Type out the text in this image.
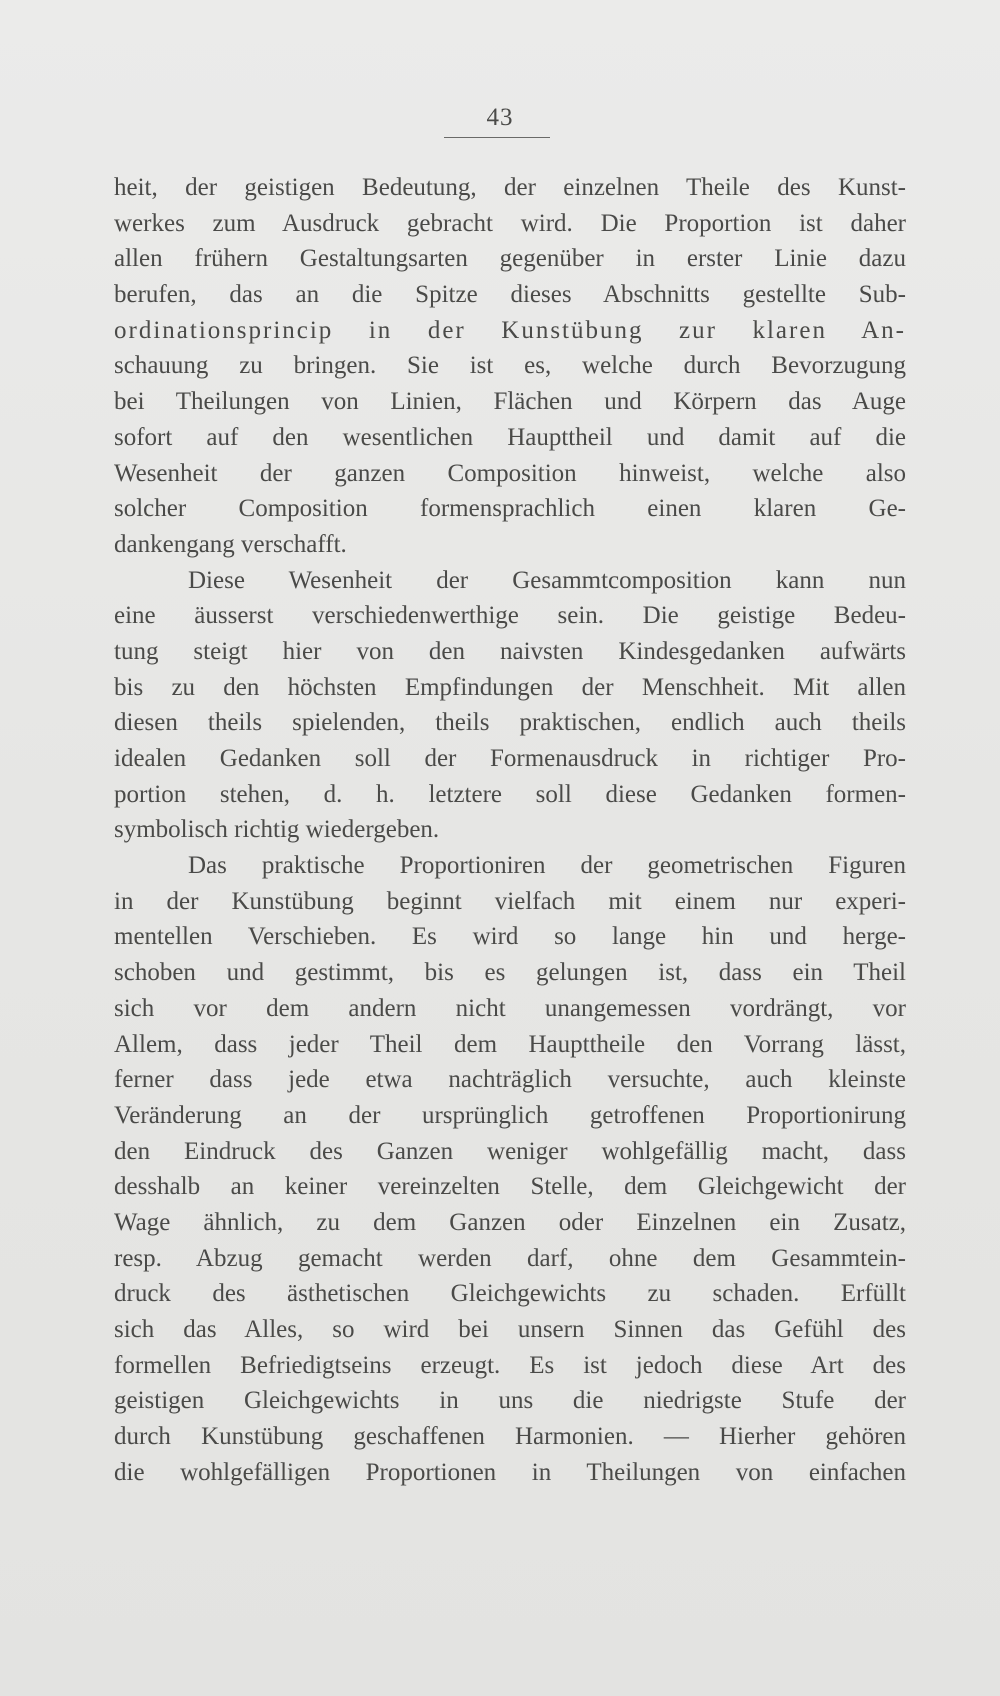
43
heit, der geistigen Bedeutung, der einzelnen Theile des Kunst-
werkes zum Ausdruck gebracht wird. Die Proportion ist daher
allen frühern Gestaltungsarten gegenüber in erster Linie dazu
berufen, das an die Spitze dieses Abschnitts gestellte Sub-
ordinationsprincip in der Kunstübung zur klaren An-
schauung zu bringen. Sie ist es, welche durch Bevorzugung
bei Theilungen von Linien, Flächen und Körpern das Auge
sofort auf den wesentlichen Haupttheil und damit auf die
Wesenheit der ganzen Composition hinweist, welche also
solcher Composition formensprachlich einen klaren Ge-
dankengang verschafft.
Diese Wesenheit der Gesammtcomposition kann nun
eine äusserst verschiedenwerthige sein. Die geistige Bedeu-
tung steigt hier von den naivsten Kindesgedanken aufwärts
bis zu den höchsten Empfindungen der Menschheit. Mit allen
diesen theils spielenden, theils praktischen, endlich auch theils
idealen Gedanken soll der Formenausdruck in richtiger Pro-
portion stehen, d. h. letztere soll diese Gedanken formen-
symbolisch richtig wiedergeben.
Das praktische Proportioniren der geometrischen Figuren
in der Kunstübung beginnt vielfach mit einem nur experi-
mentellen Verschieben. Es wird so lange hin und herge-
schoben und gestimmt, bis es gelungen ist, dass ein Theil
sich vor dem andern nicht unangemessen vordrängt, vor
Allem, dass jeder Theil dem Haupttheile den Vorrang lässt,
ferner dass jede etwa nachträglich versuchte, auch kleinste
Veränderung an der ursprünglich getroffenen Proportionirung
den Eindruck des Ganzen weniger wohlgefällig macht, dass
desshalb an keiner vereinzelten Stelle, dem Gleichgewicht der
Wage ähnlich, zu dem Ganzen oder Einzelnen ein Zusatz,
resp. Abzug gemacht werden darf, ohne dem Gesammtein-
druck des ästhetischen Gleichgewichts zu schaden. Erfüllt
sich das Alles, so wird bei unsern Sinnen das Gefühl des
formellen Befriedigtseins erzeugt. Es ist jedoch diese Art des
geistigen Gleichgewichts in uns die niedrigste Stufe der
durch Kunstübung geschaffenen Harmonien. — Hierher gehören
die wohlgefälligen Proportionen in Theilungen von einfachen
